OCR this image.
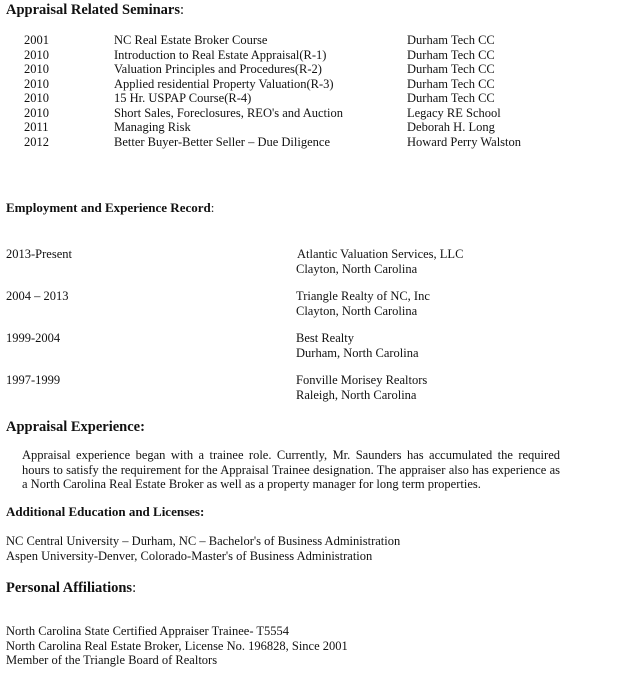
Appraisal Related Seminars:
2001	NC Real Estate Broker Course	Durham Tech CC
2010	Introduction to Real Estate Appraisal(R-1)	Durham Tech CC
2010	Valuation Principles and Procedures(R-2)	Durham Tech CC
2010	Applied residential Property Valuation(R-3)	Durham Tech CC
2010	15 Hr. USPAP Course(R-4)	Durham Tech CC
2010	Short Sales, Foreclosures, REO's and Auction	Legacy RE School
2011	Managing Risk	Deborah H. Long
2012	Better Buyer-Better Seller – Due Diligence	Howard Perry Walston
Employment and Experience Record:
2013-Present	Atlantic Valuation Services, LLC
Clayton, North Carolina
2004 – 2013	Triangle Realty of NC, Inc
Clayton, North Carolina
1999-2004	Best Realty
Durham, North Carolina
1997-1999	Fonville Morisey Realtors
Raleigh, North Carolina
Appraisal Experience:

Appraisal experience began with a trainee role. Currently, Mr. Saunders has accumulated the required hours to satisfy the requirement for the Appraisal Trainee designation. The appraiser also has experience as a North Carolina Real Estate Broker as well as a property manager for long term properties.

Additional Education and Licenses:
NC Central University – Durham, NC – Bachelor's of Business Administration
Aspen University-Denver, Colorado-Master's of Business Administration
Personal Affiliations:
North Carolina State Certified Appraiser Trainee- T5554
North Carolina Real Estate Broker, License No. 196828, Since 2001
Member of the Triangle Board of Realtors
